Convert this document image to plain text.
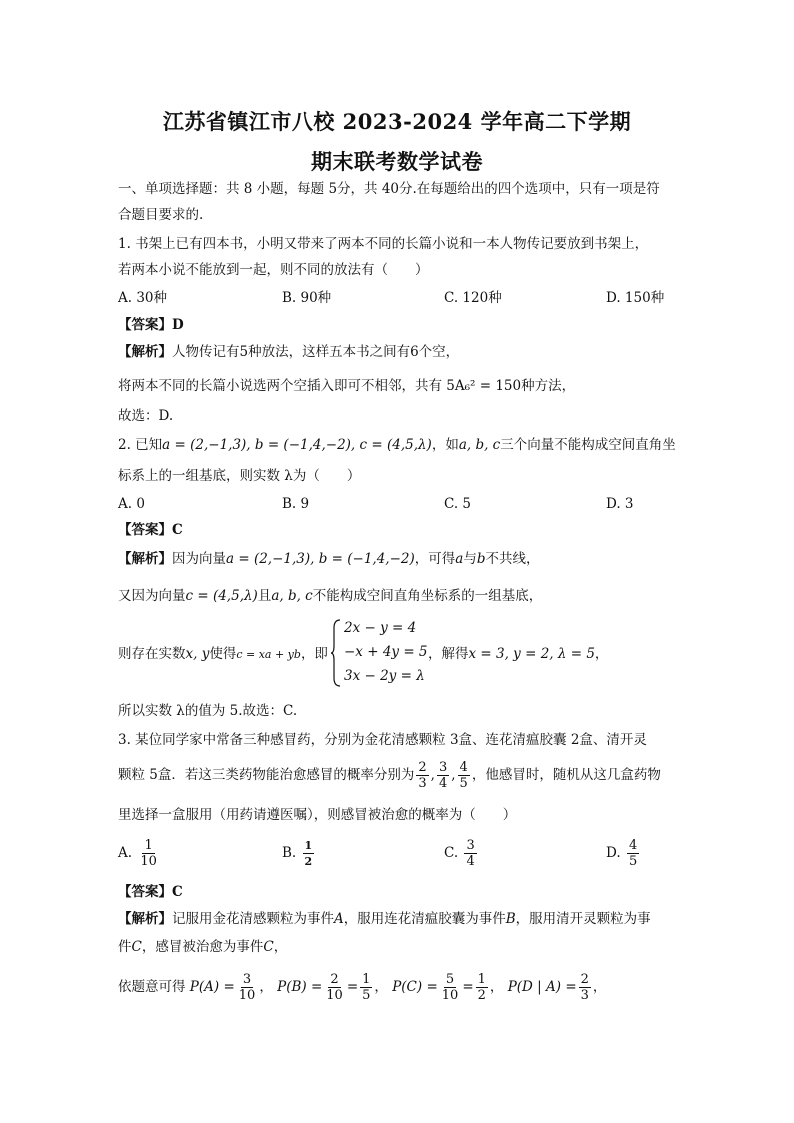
江苏省镇江市八校 2023-2024 学年高二下学期
期末联考数学试卷
一、单项选择题：共 8 小题，每题 5分，共 40分.在每题给出的四个选项中，只有一项是符
合题目要求的.
1. 书架上已有四本书，小明又带来了两本不同的长篇小说和一本人物传记要放到书架上，
若两本小说不能放到一起，则不同的放法有（　　）
A. 30种	B. 90种	C. 120种	D. 150种
【答案】D
【解析】人物传记有5种放法，这样五本书之间有6个空，
将两本不同的长篇小说选两个空插入即可不相邻，共有 5A₆² = 150种方法，
故选：D.
2. 已知a = (2,−1,3), b = (−1,4,−2), c = (4,5,λ)，如a, b, c三个向量不能构成空间直角坐
标系上的一组基底，则实数 λ为（　　）
A. 0	B. 9	C. 5	D. 3
【答案】C
【解析】因为向量a = (2,−1,3), b = (−1,4,−2)，可得a与b不共线，
又因为向量c = (4,5,λ)且a, b, c不能构成空间直角坐标系的一组基底，
则存在实数x, y使得c = xa + yb，即
2x − y = 4
−x + 4y = 5
3x − 2y = λ
，解得x = 3, y = 2, λ = 5，
所以实数 λ的值为 5.故选：C.
3. 某位同学家中常备三种感冒药，分别为金花清感颗粒 3盒、连花清瘟胶囊 2盒、清开灵
颗粒 5盒．若这三类药物能治愈感冒的概率分别为 $\frac{2}{3}$ , $\frac{3}{4}$ , $\frac{4}{5}$ ，他感冒时，随机从这几盒药物
里选择一盒服用（用药请遵医嘱），则感冒被治愈的概率为（　　）
A. $\frac{1}{10}$	B. $\frac{1}{2}$	C. $\frac{3}{4}$	D. $\frac{4}{5}$
【答案】C
【解析】记服用金花清感颗粒为事件A，服用连花清瘟胶囊为事件B，服用清开灵颗粒为事
件C，感冒被治愈为事件C，
依题意可得 $P(A) = \frac{3}{10}$ ， $P(B) = \frac{2}{10} = \frac{1}{5}$ ， $P(C) = \frac{5}{10} = \frac{1}{2}$ ， P(D | $A) = \frac{2}{3}$ ，
